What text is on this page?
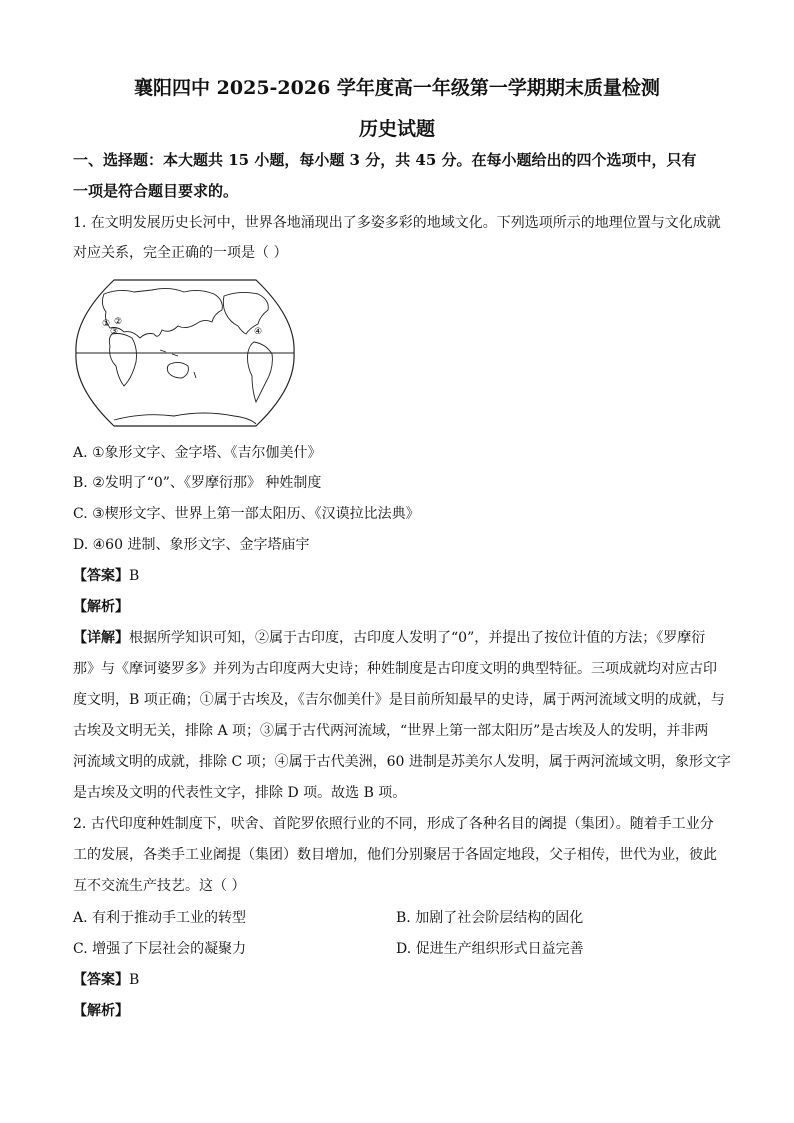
襄阳四中 2025-2026 学年度高一年级第一学期期末质量检测
历史试题
一、选择题：本大题共 15 小题，每小题 3 分，共 45 分。在每小题给出的四个选项中，只有
一项是符合题目要求的。
1. 在文明发展历史长河中，世界各地涌现出了多姿多彩的地域文化。下列选项所示的地理位置与文化成就
对应关系，完全正确的一项是（ ）
① ②
③	④
A. ①象形文字、金字塔、《吉尔伽美什》
B. ②发明了“0”、《罗摩衍那》 种姓制度
C. ③楔形文字、世界上第一部太阳历、《汉谟拉比法典》
D. ④60 进制、象形文字、金字塔庙宇
【答案】B
【解析】
【详解】根据所学知识可知，②属于古印度，古印度人发明了“0”，并提出了按位计值的方法；《罗摩衍
那》与《摩诃婆罗多》并列为古印度两大史诗；种姓制度是古印度文明的典型特征。三项成就均对应古印
度文明，B 项正确；①属于古埃及，《吉尔伽美什》是目前所知最早的史诗，属于两河流域文明的成就，与
古埃及文明无关，排除 A 项；③属于古代两河流域，“世界上第一部太阳历”是古埃及人的发明，并非两
河流域文明的成就，排除 C 项；④属于古代美洲，60 进制是苏美尔人发明，属于两河流域文明，象形文字
是古埃及文明的代表性文字，排除 D 项。故选 B 项。
2. 古代印度种姓制度下，吠舍、首陀罗依照行业的不同，形成了各种名目的阇提（集团）。随着手工业分
工的发展，各类手工业阇提（集团）数目增加，他们分别聚居于各固定地段，父子相传，世代为业，彼此
互不交流生产技艺。这（ ）
A. 有利于推动手工业的转型	B. 加剧了社会阶层结构的固化
C. 增强了下层社会的凝聚力	D. 促进生产组织形式日益完善
【答案】B
【解析】
